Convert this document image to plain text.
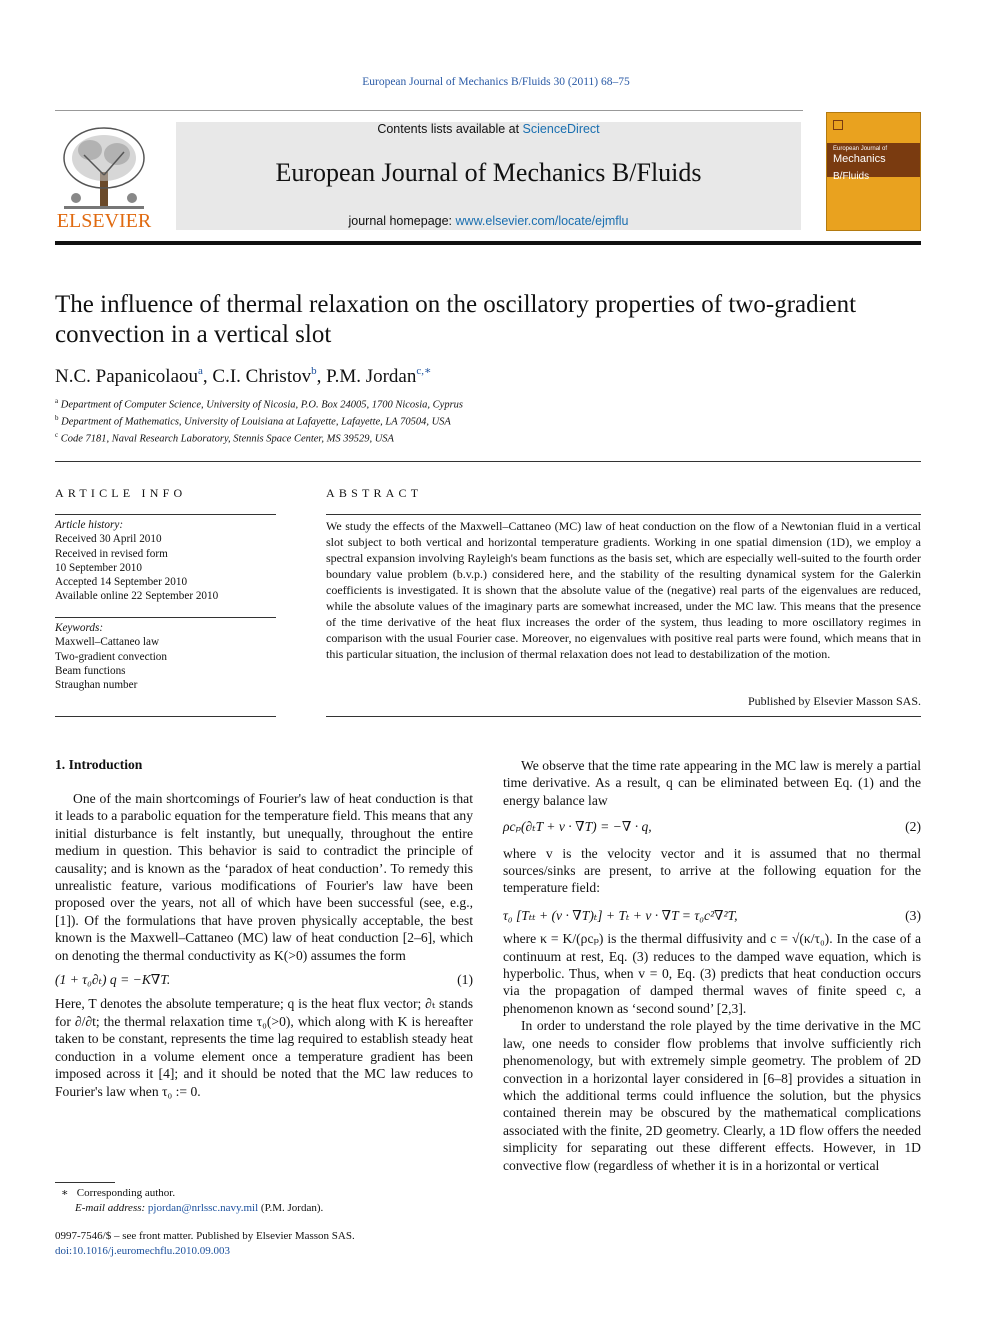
European Journal of Mechanics B/Fluids 30 (2011) 68–75
ELSEVIER
Contents lists available at ScienceDirect
European Journal of Mechanics B/Fluids
journal homepage: www.elsevier.com/locate/ejmflu
European Journal of
Mechanics
B/Fluids
The influence of thermal relaxation on the oscillatory properties of two-gradient convection in a vertical slot
N.C. Papanicolaou$^a$, C.I. Christov$^b$, P.M. Jordan$^{c,∗}$
$^a$ Department of Computer Science, University of Nicosia, P.O. Box 24005, 1700 Nicosia, Cyprus
$^b$ Department of Mathematics, University of Louisiana at Lafayette, Lafayette, LA 70504, USA
$^c$ Code 7181, Naval Research Laboratory, Stennis Space Center, MS 39529, USA
ARTICLE INFO	ABSTRACT
Article history:
Received 30 April 2010
Received in revised form
10 September 2010
Accepted 14 September 2010
Available online 22 September 2010
Keywords:
Maxwell–Cattaneo law
Two-gradient convection
Beam functions
Straughan number
We study the effects of the Maxwell–Cattaneo (MC) law of heat conduction on the flow of a Newtonian fluid in a vertical slot subject to both vertical and horizontal temperature gradients. Working in one spatial dimension (1D), we employ a spectral expansion involving Rayleigh's beam functions as the basis set, which are especially well-suited to the fourth order boundary value problem (b.v.p.) considered here, and the stability of the resulting dynamical system for the Galerkin coefficients is investigated. It is shown that the absolute value of the (negative) real parts of the eigenvalues are reduced, while the absolute values of the imaginary parts are somewhat increased, under the MC law. This means that the presence of the time derivative of the heat flux increases the order of the system, thus leading to more oscillatory regimes in comparison with the usual Fourier case. Moreover, no eigenvalues with positive real parts were found, which means that in this particular situation, the inclusion of thermal relaxation does not lead to destabilization of the motion.
Published by Elsevier Masson SAS.
1. Introduction

One of the main shortcomings of Fourier's law of heat conduction is that it leads to a parabolic equation for the temperature field. This means that any initial disturbance is felt instantly, but unequally, throughout the entire medium in question. This behavior is said to contradict the principle of causality; and is known as the ‘paradox of heat conduction’. To remedy this unrealistic feature, various modifications of Fourier's law have been proposed over the years, not all of which have been successful (see, e.g., [1]). Of the formulations that have proven physically acceptable, the best known is the Maxwell–Cattaneo (MC) law of heat conduction [2–6], which on denoting the thermal conductivity as K(>0) assumes the form

(1 + τ₀∂ₜ) q = −K∇T.	(1)

Here, T denotes the absolute temperature; q is the heat flux vector; ∂ₜ stands for ∂/∂t; the thermal relaxation time τ₀(>0), which along with K is hereafter taken to be constant, represents the time lag required to establish steady heat conduction in a volume element once a temperature gradient has been imposed across it [4]; and it should be noted that the MC law reduces to Fourier's law when τ₀ := 0.

We observe that the time rate appearing in the MC law is merely a partial time derivative. As a result, q can be eliminated between Eq. (1) and the energy balance law

ρcₚ(∂ₜT + v · ∇T) = −∇ · q,	(2)

where v is the velocity vector and it is assumed that no thermal sources/sinks are present, to arrive at the following equation for the temperature field:

τ₀ [Tₜₜ + (v · ∇T)ₜ] + Tₜ + v · ∇T = τ₀c²∇²T,	(3)

where κ = K/(ρcₚ) is the thermal diffusivity and c = √(κ/τ₀). In the case of a continuum at rest, Eq. (3) reduces to the damped wave equation, which is hyperbolic. Thus, when v = 0, Eq. (3) predicts that heat conduction occurs via the propagation of damped thermal waves of finite speed c, a phenomenon known as ‘second sound’ [2,3].

In order to understand the role played by the time derivative in the MC law, one needs to consider flow problems that involve sufficiently rich phenomenology, but with extremely simple geometry. The problem of 2D convection in a horizontal layer considered in [6–8] provides a situation in which the additional terms could influence the solution, but the physics contained therein may be obscured by the mathematical complications associated with the finite, 2D geometry. Clearly, a 1D flow offers the needed simplicity for separating out these different effects. However, in 1D convective flow (regardless of whether it is in a horizontal or vertical

∗ Corresponding author.
E-mail address: pjordan@nrlssc.navy.mil (P.M. Jordan).
0997-7546/$ – see front matter. Published by Elsevier Masson SAS.
doi:10.1016/j.euromechflu.2010.09.003
